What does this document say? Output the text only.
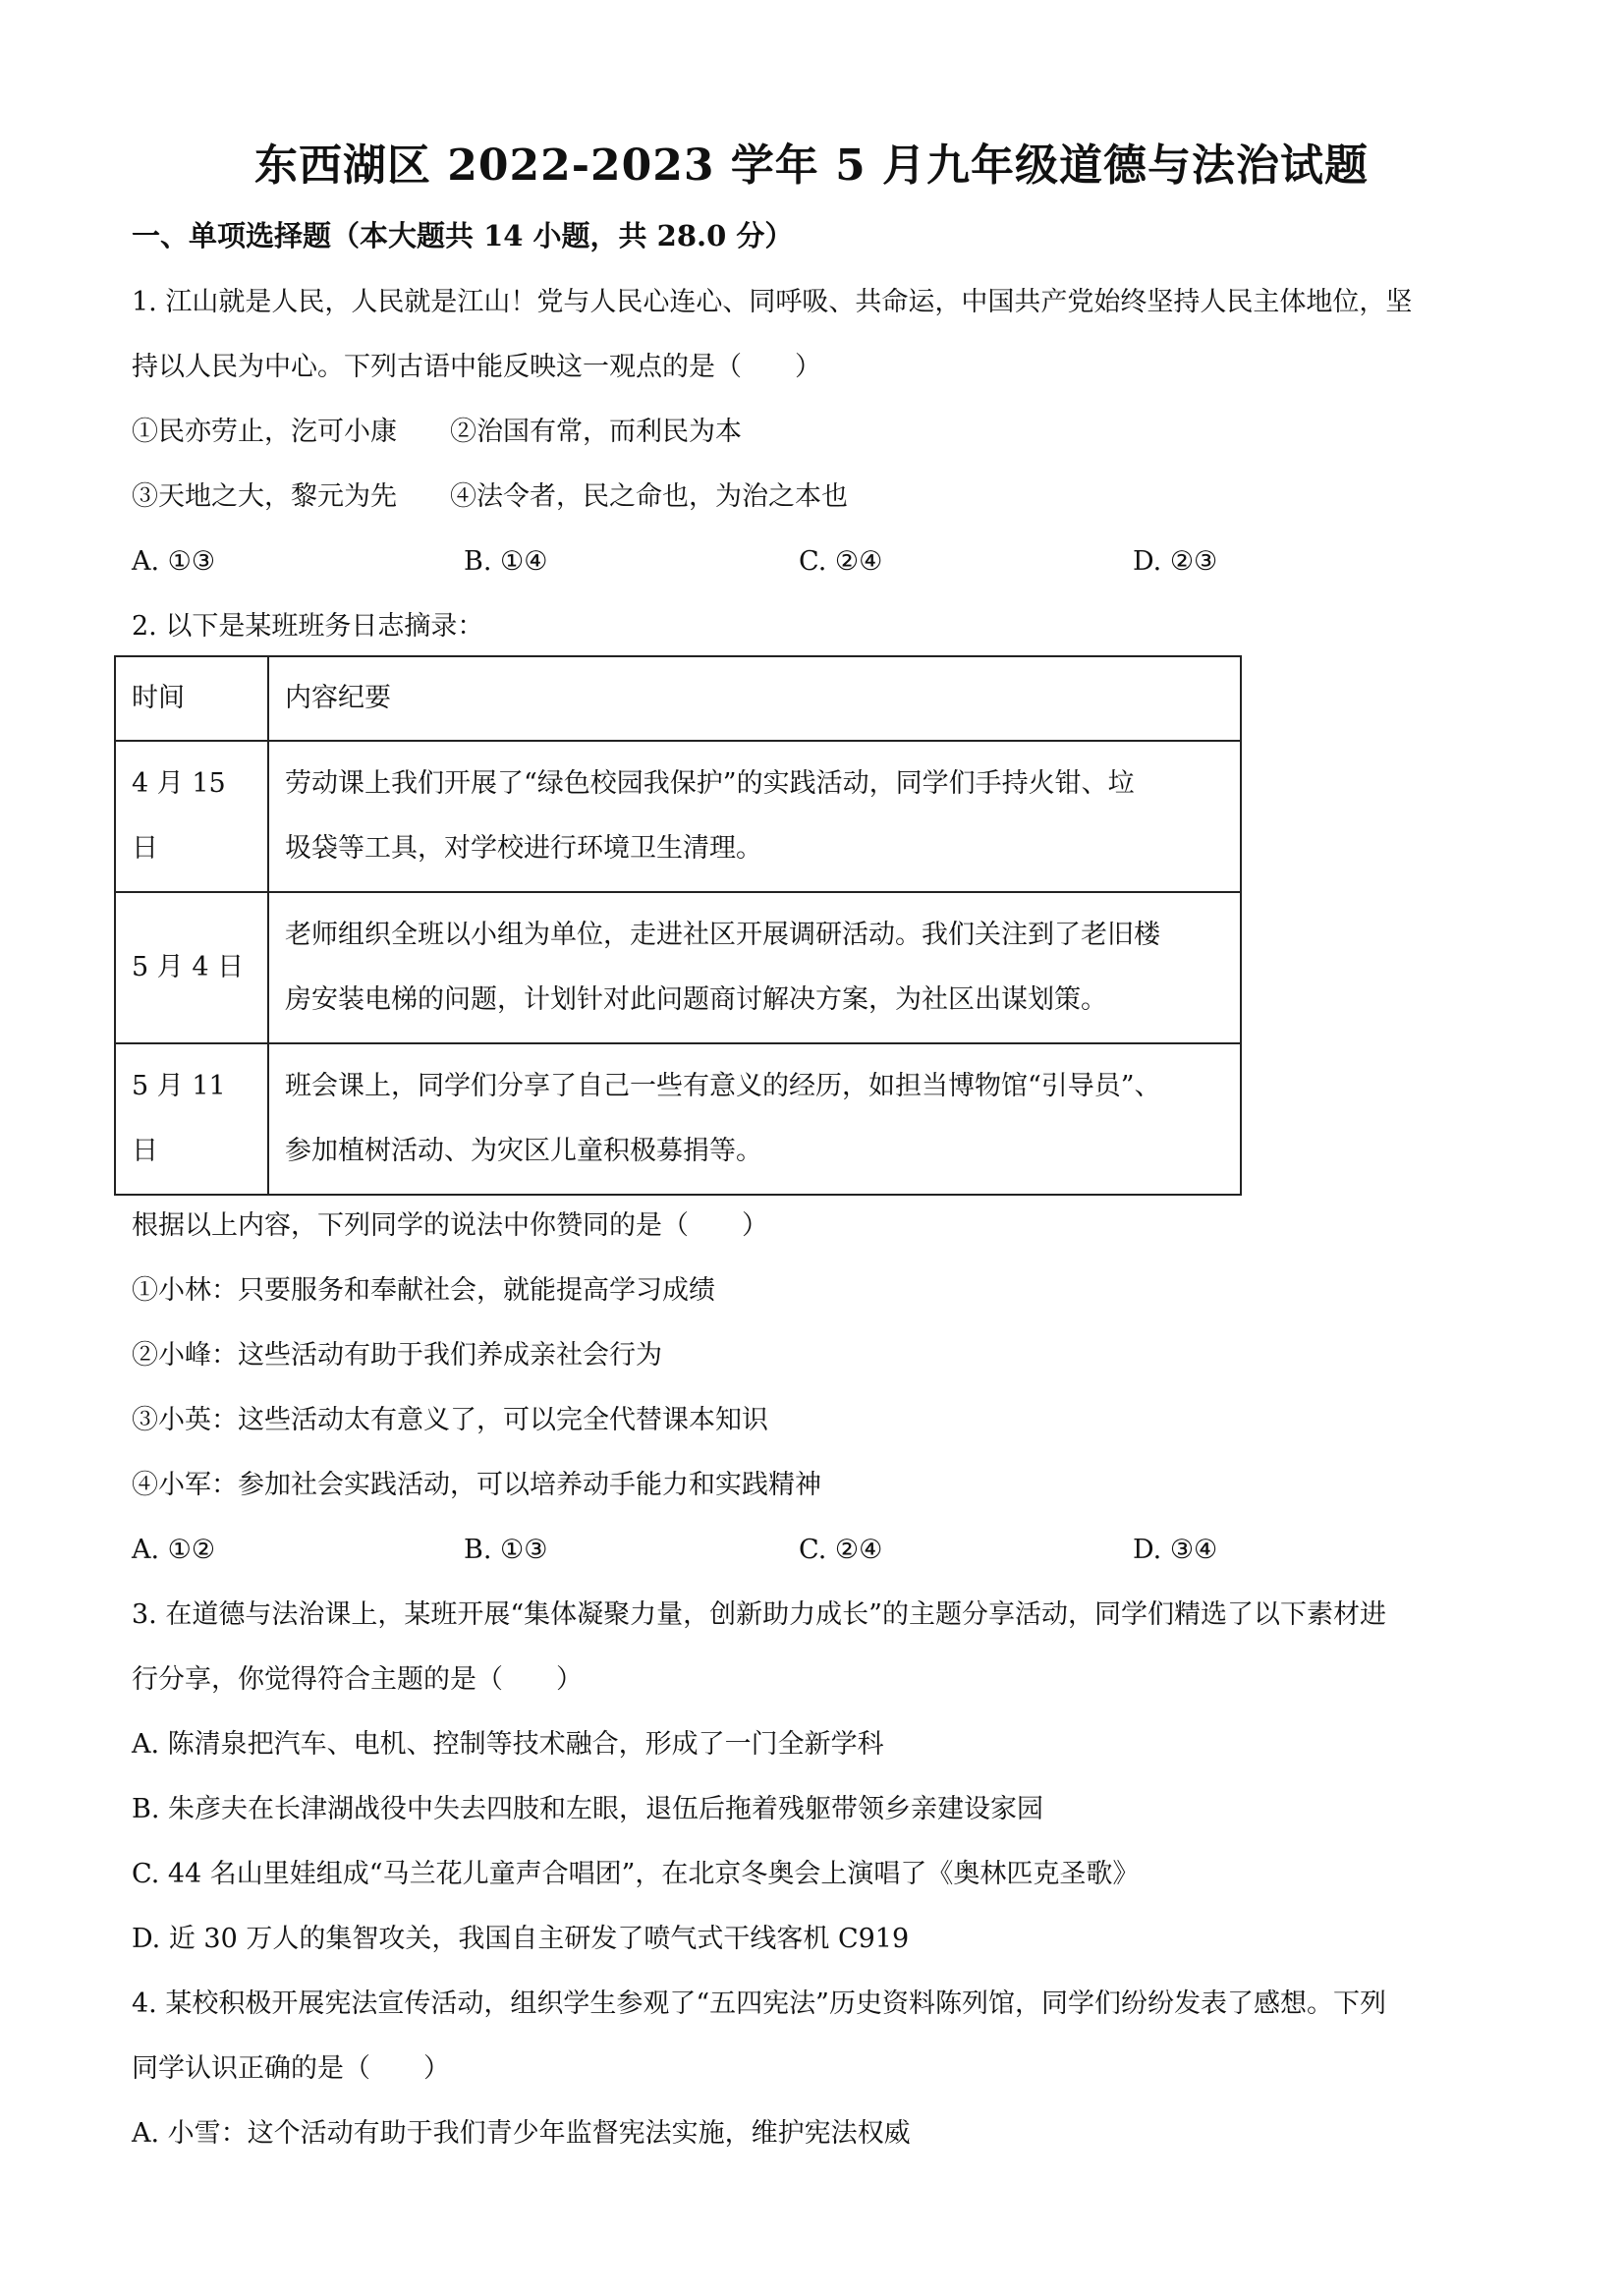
东西湖区 2022-2023 学年 5 月九年级道德与法治试题
一、单项选择题（本大题共 14 小题，共 28.0 分）
1. 江山就是人民，人民就是江山！党与人民心连心、同呼吸、共命运，中国共产党始终坚持人民主体地位，坚
持以人民为中心。下列古语中能反映这一观点的是（　　）
①民亦劳止，汔可小康　　②治国有常，而利民为本
③天地之大，黎元为先　　④法令者，民之命也，为治之本也
A. ①③	B. ①④	C. ②④	D. ②③
2. 以下是某班班务日志摘录：
时间	内容纪要
4 月 15 日	劳动课上我们开展了“绿色校园我保护”的实践活动，同学们手持火钳、垃
圾袋等工具，对学校进行环境卫生清理。

5 月 4 日	老师组织全班以小组为单位，走进社区开展调研活动。我们关注到了老旧楼
房安装电梯的问题，计划针对此问题商讨解决方案，为社区出谋划策。

5 月 11 日	班会课上，同学们分享了自己一些有意义的经历，如担当博物馆“引导员”、
参加植树活动、为灾区儿童积极募捐等。
根据以上内容，下列同学的说法中你赞同的是（　　）
①小林：只要服务和奉献社会，就能提高学习成绩
②小峰：这些活动有助于我们养成亲社会行为
③小英：这些活动太有意义了，可以完全代替课本知识
④小军：参加社会实践活动，可以培养动手能力和实践精神
A. ①②	B. ①③	C. ②④	D. ③④
3. 在道德与法治课上，某班开展“集体凝聚力量，创新助力成长”的主题分享活动，同学们精选了以下素材进
行分享，你觉得符合主题的是（　　）
A. 陈清泉把汽车、电机、控制等技术融合，形成了一门全新学科
B. 朱彦夫在长津湖战役中失去四肢和左眼，退伍后拖着残躯带领乡亲建设家园
C. 44 名山里娃组成“马兰花儿童声合唱团”，在北京冬奥会上演唱了《奥林匹克圣歌》
D. 近 30 万人的集智攻关，我国自主研发了喷气式干线客机 C919
4. 某校积极开展宪法宣传活动，组织学生参观了“五四宪法”历史资料陈列馆，同学们纷纷发表了感想。下列
同学认识正确的是（　　）
A. 小雪：这个活动有助于我们青少年监督宪法实施，维护宪法权威
